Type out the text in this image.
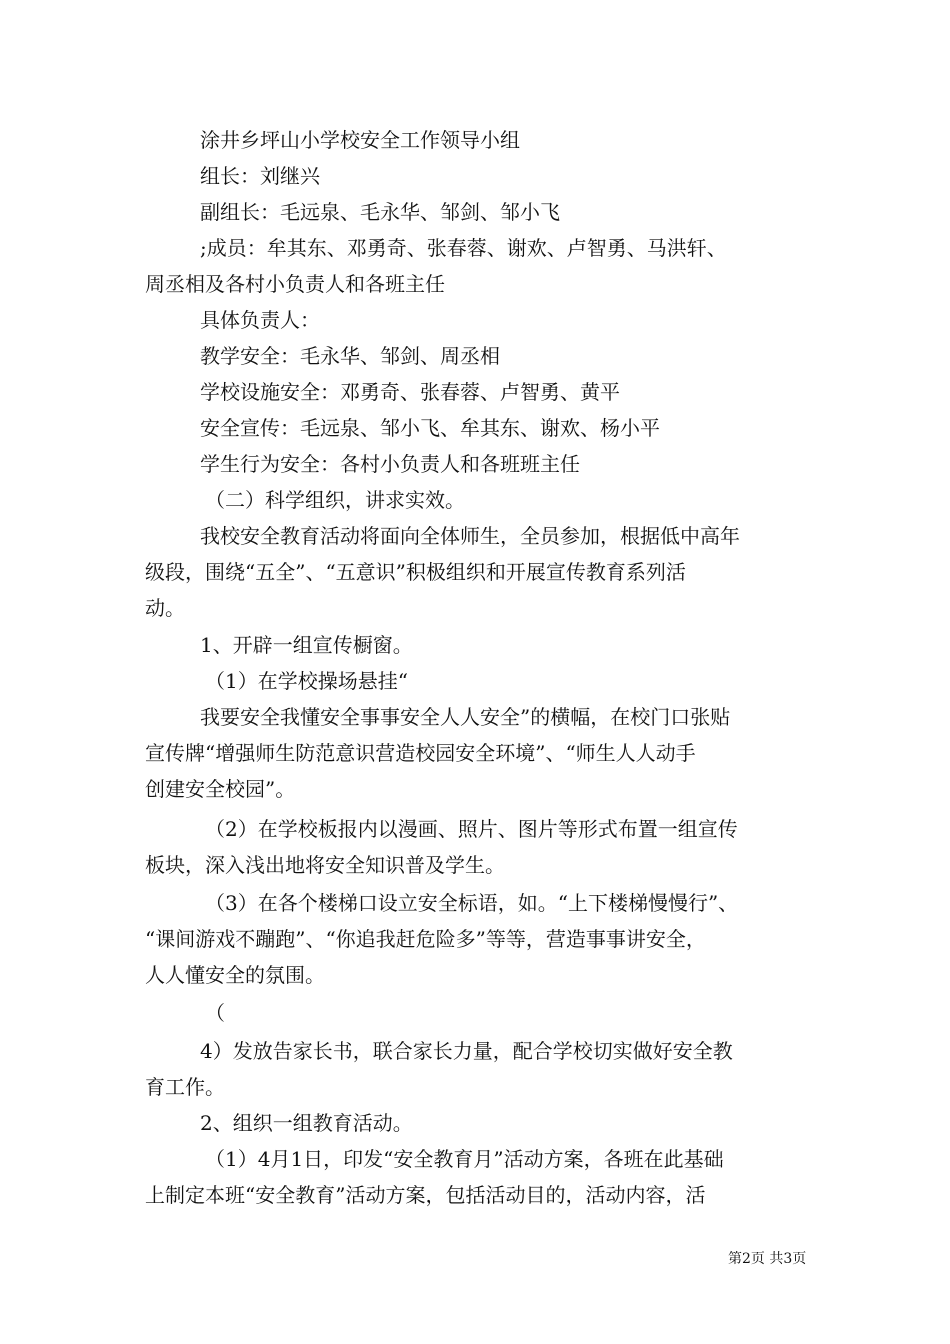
涂井乡坪山小学校安全工作领导小组
组长：刘继兴
副组长：毛远泉、毛永华、邹剑、邹小飞
;成员：牟其东、邓勇奇、张春蓉、谢欢、卢智勇、马洪轩、
周丞相及各村小负责人和各班主任
具体负责人：
教学安全：毛永华、邹剑、周丞相
学校设施安全：邓勇奇、张春蓉、卢智勇、黄平
安全宣传：毛远泉、邹小飞、牟其东、谢欢、杨小平
学生行为安全：各村小负责人和各班班主任
（二）科学组织，讲求实效。
我校安全教育活动将面向全体师生，全员参加，根据低中高年
级段，围绕“五全”、“五意识”积极组织和开展宣传教育系列活
动。
1、开辟一组宣传橱窗。
（1）在学校操场悬挂“
我要安全我懂安全事事安全人人安全”的横幅，在校门口张贴
宣传牌“增强师生防范意识营造校园安全环境”、“师生人人动手
创建安全校园”。
（2）在学校板报内以漫画、照片、图片等形式布置一组宣传
板块，深入浅出地将安全知识普及学生。
（3）在各个楼梯口设立安全标语，如。“上下楼梯慢慢行”、
“课间游戏不蹦跑”、“你追我赶危险多”等等，营造事事讲安全，
人人懂安全的氛围。
（
4）发放告家长书，联合家长力量，配合学校切实做好安全教
育工作。
2、组织一组教育活动。
（1）4月1日，印发“安全教育月”活动方案，各班在此基础
上制定本班“安全教育”活动方案，包括活动目的，活动内容，活
第2页 共3页
